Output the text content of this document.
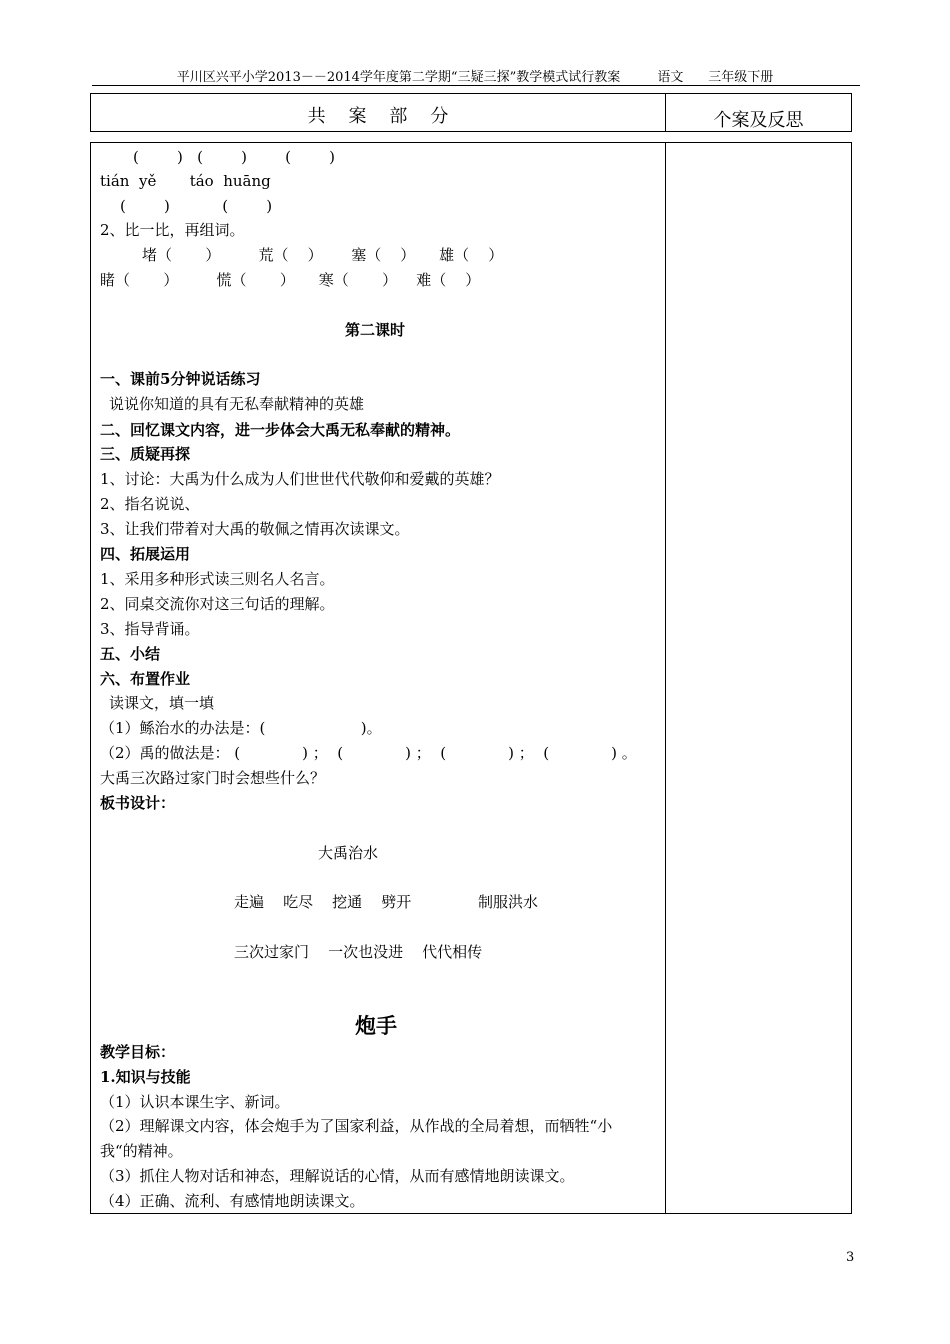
平川区兴平小学2013－－2014学年度第二学期“三疑三探”教学模式试行教案         语文      三年级下册
共    案    部    分	个案及反思
(        )   (        )        (        )
tián  yě       táo  huāng
(        )           (        )
2、比一比，再组词。
堵（       ）        荒（    ）      塞（    ）     雄（    ）
睹（       ）        慌（       ）     寒（       ）    难（    ）
第二课时
一、课前5分钟说话练习
说说你知道的具有无私奉献精神的英雄
二、回忆课文内容，进一步体会大禹无私奉献的精神。
三、质疑再探
1、讨论：大禹为什么成为人们世世代代敬仰和爱戴的英雄？
2、指名说说、
3、让我们带着对大禹的敬佩之情再次读课文。
四、拓展运用
1、采用多种形式读三则名人名言。
2、同桌交流你对这三句话的理解。
3、指导背诵。
五、小结
六、布置作业
读课文，填一填
（1）鲧治水的办法是：(                    )。
（2）禹的做法是： (             ) ；  (             ) ；  (             ) ；  (             ) 。
大禹三次路过家门时会想些什么？
板书设计：
大禹治水
走遍    吃尽    挖通    劈开              制服洪水
三次过家门    一次也没进    代代相传
炮手
教学目标：
1.知识与技能
（1）认识本课生字、新词。
（2）理解课文内容，体会炮手为了国家利益，从作战的全局着想，而牺牲“小
我“的精神。
（3）抓住人物对话和神态，理解说话的心情，从而有感情地朗读课文。
（4）正确、流利、有感情地朗读课文。
3
